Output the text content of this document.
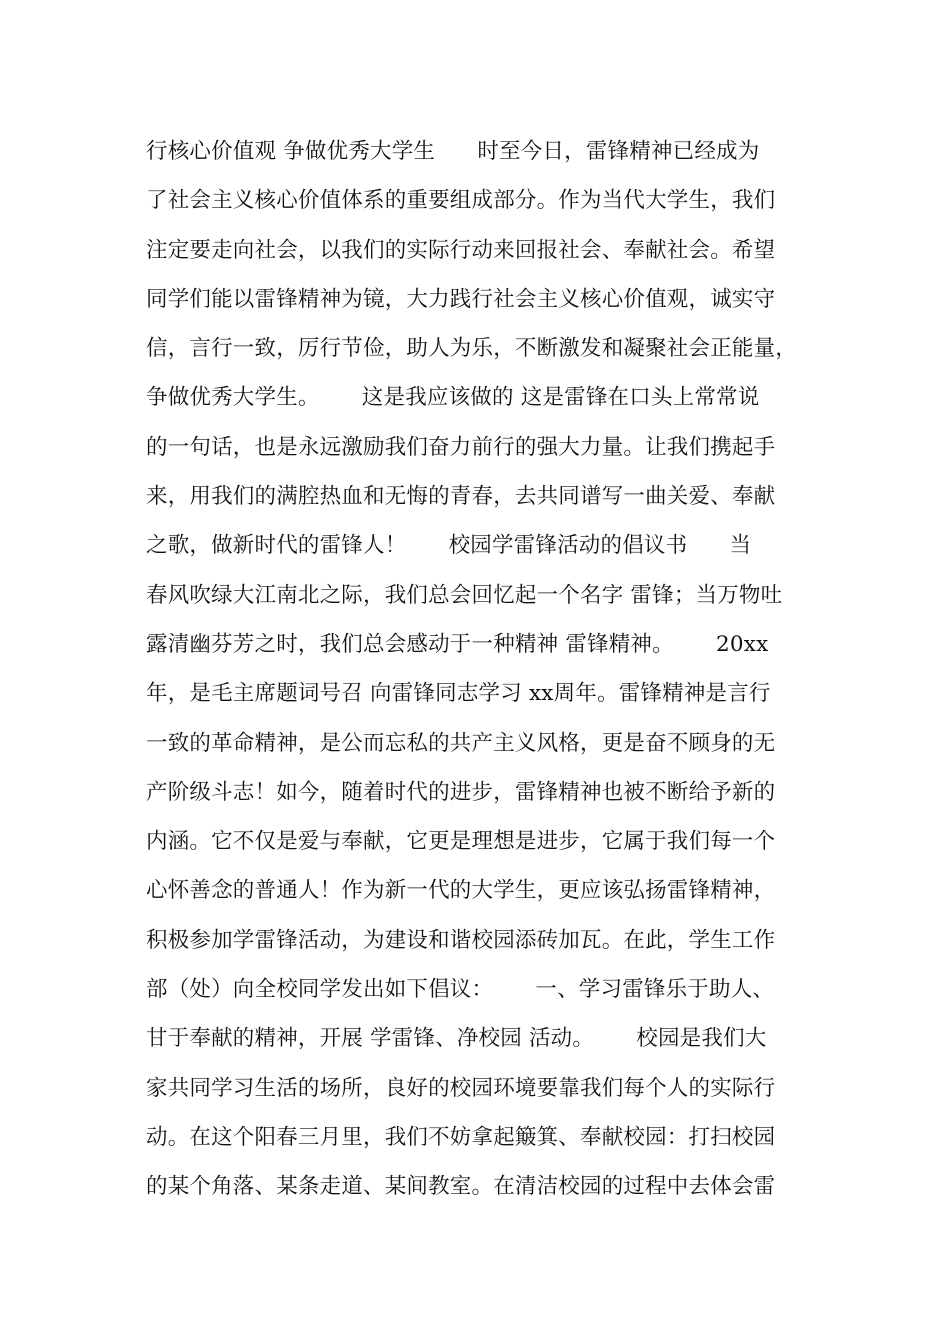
行核心价值观 争做优秀大学生      时至今日，雷锋精神已经成为
了社会主义核心价值体系的重要组成部分。作为当代大学生，我们
注定要走向社会，以我们的实际行动来回报社会、奉献社会。希望
同学们能以雷锋精神为镜，大力践行社会主义核心价值观，诚实守
信，言行一致，厉行节俭，助人为乐，不断激发和凝聚社会正能量，
争做优秀大学生。      这是我应该做的 这是雷锋在口头上常常说
的一句话，也是永远激励我们奋力前行的强大力量。让我们携起手
来，用我们的满腔热血和无悔的青春，去共同谱写一曲关爱、奉献
之歌，做新时代的雷锋人！      校园学雷锋活动的倡议书      当
春风吹绿大江南北之际，我们总会回忆起一个名字 雷锋；当万物吐
露清幽芬芳之时，我们总会感动于一种精神 雷锋精神。      20xx
年，是毛主席题词号召 向雷锋同志学习 xx周年。雷锋精神是言行
一致的革命精神，是公而忘私的共产主义风格，更是奋不顾身的无
产阶级斗志！如今，随着时代的进步，雷锋精神也被不断给予新的
内涵。它不仅是爱与奉献，它更是理想是进步，它属于我们每一个
心怀善念的普通人！作为新一代的大学生，更应该弘扬雷锋精神，
积极参加学雷锋活动，为建设和谐校园添砖加瓦。在此，学生工作
部（处）向全校同学发出如下倡议：      一、学习雷锋乐于助人、
甘于奉献的精神，开展 学雷锋、净校园 活动。      校园是我们大
家共同学习生活的场所，良好的校园环境要靠我们每个人的实际行
动。在这个阳春三月里，我们不妨拿起簸箕、奉献校园：打扫校园
的某个角落、某条走道、某间教室。在清洁校园的过程中去体会雷
